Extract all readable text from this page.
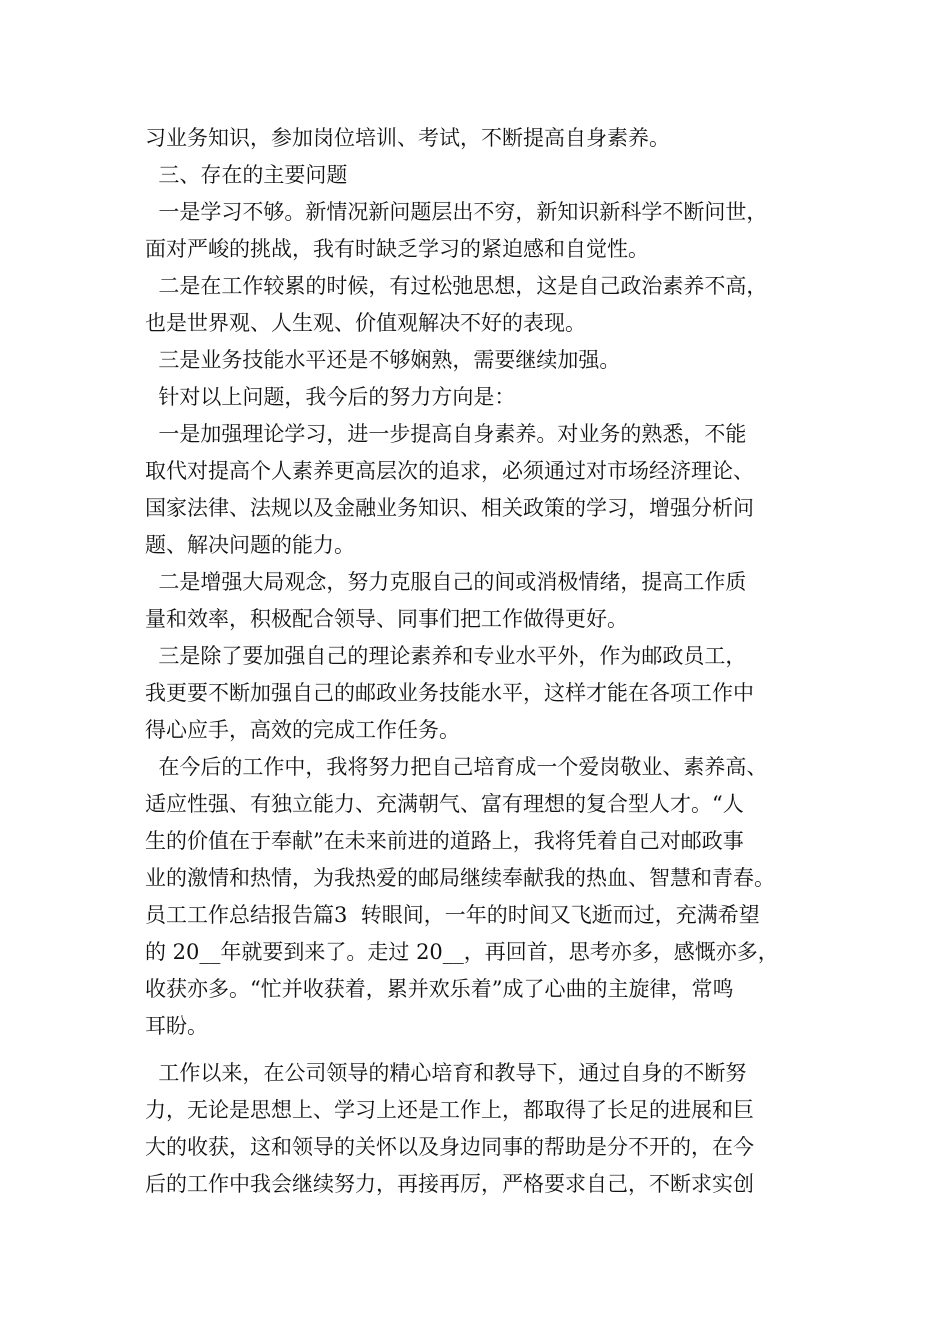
习业务知识，参加岗位培训、考试，不断提高自身素养。
三、存在的主要问题
一是学习不够。新情况新问题层出不穷，新知识新科学不断问世，
面对严峻的挑战，我有时缺乏学习的紧迫感和自觉性。
二是在工作较累的时候，有过松弛思想，这是自己政治素养不高，
也是世界观、人生观、价值观解决不好的表现。
三是业务技能水平还是不够娴熟，需要继续加强。
针对以上问题，我今后的努力方向是：
一是加强理论学习，进一步提高自身素养。对业务的熟悉，不能
取代对提高个人素养更高层次的追求，必须通过对市场经济理论、
国家法律、法规以及金融业务知识、相关政策的学习，增强分析问
题、解决问题的能力。
二是增强大局观念，努力克服自己的间或消极情绪，提高工作质
量和效率，积极配合领导、同事们把工作做得更好。
三是除了要加强自己的理论素养和专业水平外，作为邮政员工，
我更要不断加强自己的邮政业务技能水平，这样才能在各项工作中
得心应手，高效的完成工作任务。
在今后的工作中，我将努力把自己培育成一个爱岗敬业、素养高、
适应性强、有独立能力、充满朝气、富有理想的复合型人才。“人
生的价值在于奉献”在未来前进的道路上，我将凭着自己对邮政事
业的激情和热情，为我热爱的邮局继续奉献我的热血、智慧和青春。
员工工作总结报告篇3  转眼间，一年的时间又飞逝而过，充满希望
的 20__年就要到来了。走过 20__，再回首，思考亦多，感慨亦多，
收获亦多。“忙并收获着，累并欢乐着”成了心曲的主旋律，常鸣
耳盼。
工作以来，在公司领导的精心培育和教导下，通过自身的不断努
力，无论是思想上、学习上还是工作上，都取得了长足的进展和巨
大的收获，这和领导的关怀以及身边同事的帮助是分不开的，在今
后的工作中我会继续努力，再接再厉，严格要求自己，不断求实创
